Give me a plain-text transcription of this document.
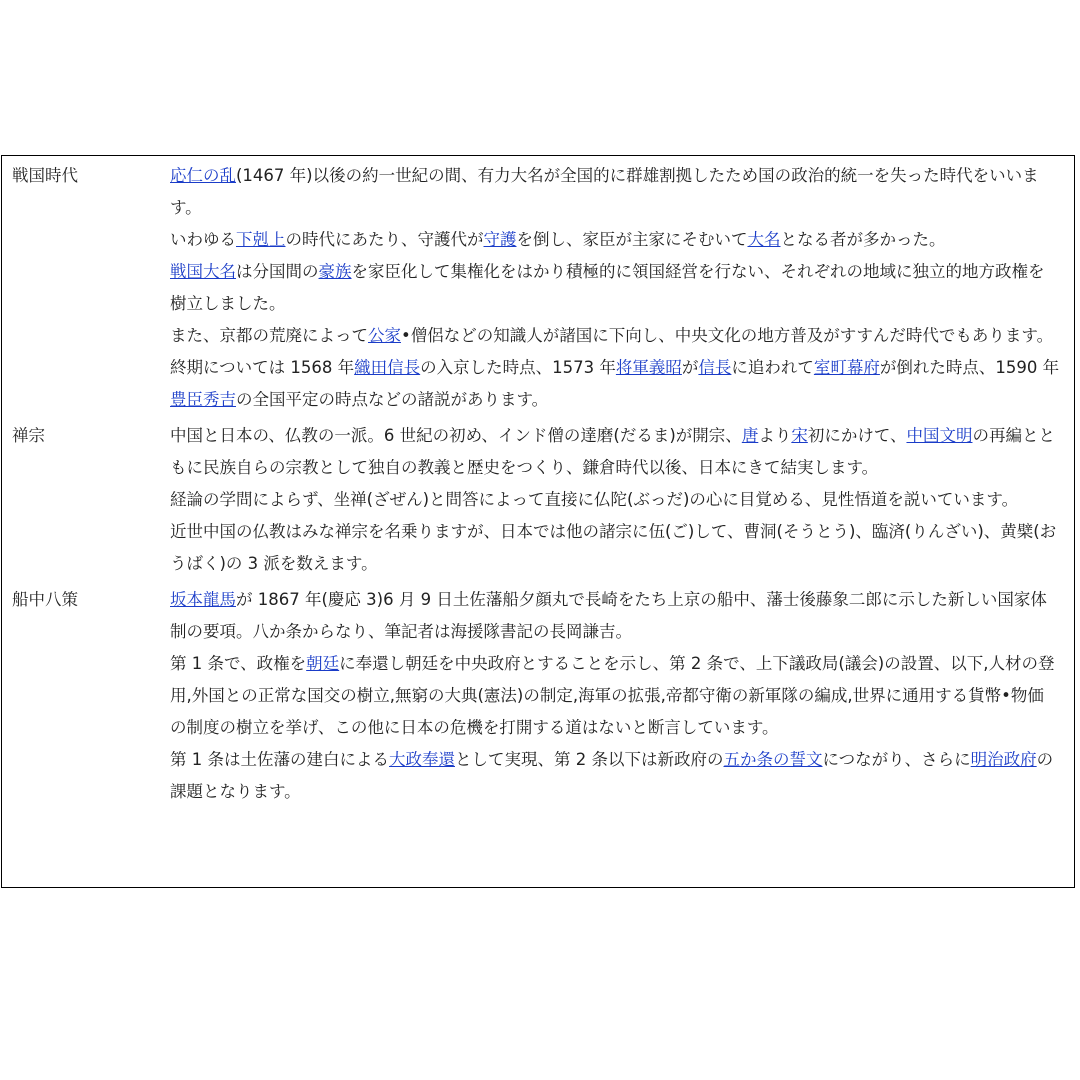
戦国時代	応仁の乱(1467 年)以後の約一世紀の間、有力大名が全国的に群雄割拠したため国の政治的統一を失った時代をいいます。

いわゆる下剋上の時代にあたり、守護代が守護を倒し、家臣が主家にそむいて大名となる者が多かった。

戦国大名は分国間の豪族を家臣化して集権化をはかり積極的に領国経営を行ない、それぞれの地域に独立的地方政権を樹立しました。

また、京都の荒廃によって公家•僧侶などの知識人が諸国に下向し、中央文化の地方普及がすすんだ時代でもあります。

終期については 1568 年織田信長の入京した時点、1573 年将軍義昭が信長に追われて室町幕府が倒れた時点、1590 年豊臣秀吉の全国平定の時点などの諸説があります。

禅宗	中国と日本の、仏教の一派。6 世紀の初め、インド僧の達磨(だるま)が開宗、唐より宋初にかけて、中国文明の再編とともに民族自らの宗教として独自の教義と歴史をつくり、鎌倉時代以後、日本にきて結実します。

経論の学問によらず、坐禅(ざぜん)と問答によって直接に仏陀(ぶっだ)の心に目覚める、見性悟道を説いています。

近世中国の仏教はみな禅宗を名乗りますが、日本では他の諸宗に伍(ご)して、曹洞(そうとう)、臨済(りんざい)、黄檗(おうばく)の 3 派を数えます。

船中八策	坂本龍馬が 1867 年(慶応 3)6 月 9 日土佐藩船夕顔丸で長崎をたち上京の船中、藩士後藤象二郎に示した新しい国家体制の要項。八か条からなり、筆記者は海援隊書記の長岡謙吉。

第 1 条で、政権を朝廷に奉還し朝廷を中央政府とすることを示し、第 2 条で、上下議政局(議会)の設置、以下,人材の登用,外国との正常な国交の樹立,無窮の大典(憲法)の制定,海軍の拡張,帝都守衛の新軍隊の編成,世界に通用する貨幣•物価の制度の樹立を挙げ、この他に日本の危機を打開する道はないと断言しています。

第 1 条は土佐藩の建白による大政奉還として実現、第 2 条以下は新政府の五か条の誓文につながり、さらに明治政府の課題となります。
